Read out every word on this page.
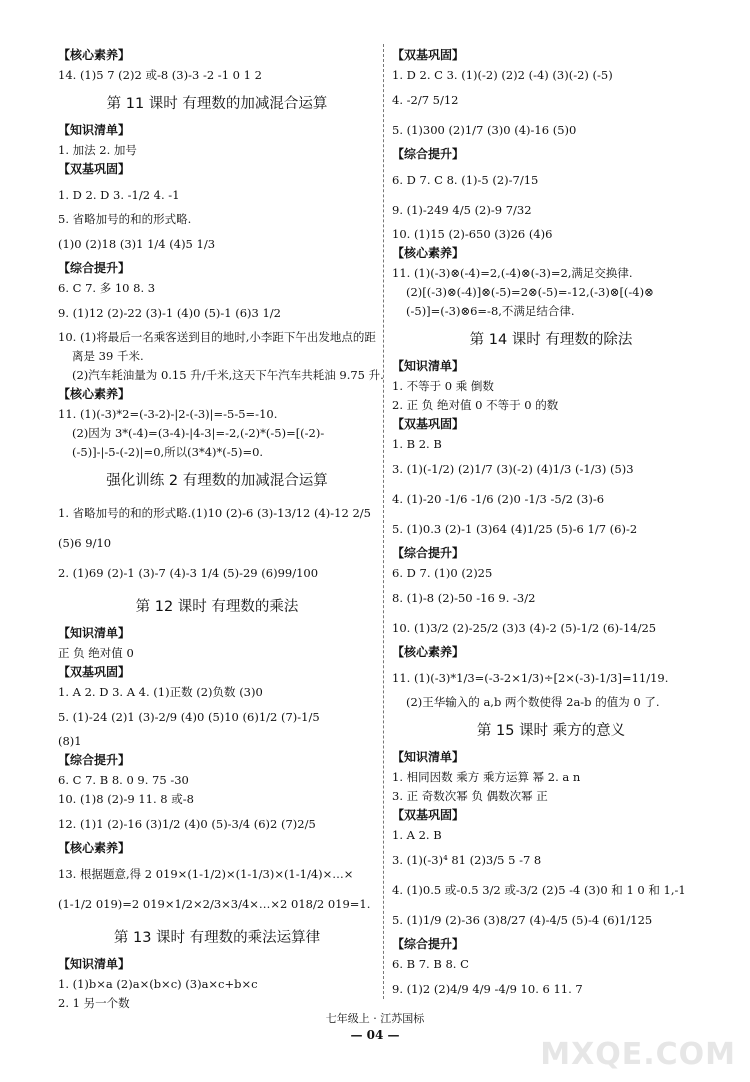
【核心素养】
14. (1)5 7 (2)2 或-8 (3)-3 -2 -1 0 1 2
第 11 课时 有理数的加减混合运算
【知识清单】
1. 加法 2. 加号
【双基巩固】
1. D 2. D 3. -1/2 4. -1
5. 省略加号的和的形式略.
(1)0 (2)18 (3)1 1/4 (4)5 1/3
【综合提升】
6. C 7. 多 10 8. 3
9. (1)12 (2)-22 (3)-1 (4)0 (5)-1 (6)3 1/2
10. (1)将最后一名乘客送到目的地时,小李距下午出发地点的距
离是 39 千米.
(2)汽车耗油量为 0.15 升/千米,这天下午汽车共耗油 9.75 升.
【核心素养】
11. (1)(-3)*2=(-3-2)-|2-(-3)|=-5-5=-10.
(2)因为 3*(-4)=(3-4)-|4-3|=-2,(-2)*(-5)=[(-2)-
(-5)]-|-5-(-2)|=0,所以(3*4)*(-5)=0.
强化训练 2 有理数的加减混合运算
1. 省略加号的和的形式略.(1)10 (2)-6 (3)-13/12 (4)-12 2/5
(5)6 9/10
2. (1)69 (2)-1 (3)-7 (4)-3 1/4 (5)-29 (6)99/100
第 12 课时 有理数的乘法
【知识清单】
正 负 绝对值 0
【双基巩固】
1. A 2. D 3. A 4. (1)正数 (2)负数 (3)0
5. (1)-24 (2)1 (3)-2/9 (4)0 (5)10 (6)1/2 (7)-1/5
(8)1
【综合提升】
6. C 7. B 8. 0 9. 75 -30
10. (1)8 (2)-9 11. 8 或-8
12. (1)1 (2)-16 (3)1/2 (4)0 (5)-3/4 (6)2 (7)2/5
【核心素养】
13. 根据题意,得 2 019×(1-1/2)×(1-1/3)×(1-1/4)×…×
(1-1/2 019)=2 019×1/2×2/3×3/4×…×2 018/2 019=1.
第 13 课时 有理数的乘法运算律
【知识清单】
1. (1)b×a (2)a×(b×c) (3)a×c+b×c
2. 1 另一个数
【双基巩固】
1. D 2. C 3. (1)(-2) (2)2 (-4) (3)(-2) (-5)
4. -2/7 5/12
5. (1)300 (2)1/7 (3)0 (4)-16 (5)0
【综合提升】
6. D 7. C 8. (1)-5 (2)-7/15
9. (1)-249 4/5 (2)-9 7/32
10. (1)15 (2)-650 (3)26 (4)6
【核心素养】
11. (1)(-3)⊗(-4)=2,(-4)⊗(-3)=2,满足交换律.
(2)[(-3)⊗(-4)]⊗(-5)=2⊗(-5)=-12,(-3)⊗[(-4)⊗
(-5)]=(-3)⊗6=-8,不满足结合律.
第 14 课时 有理数的除法
【知识清单】
1. 不等于 0 乘 倒数
2. 正 负 绝对值 0 不等于 0 的数
【双基巩固】
1. B 2. B
3. (1)(-1/2) (2)1/7 (3)(-2) (4)1/3 (-1/3) (5)3
4. (1)-20 -1/6 -1/6 (2)0 -1/3 -5/2 (3)-6
5. (1)0.3 (2)-1 (3)64 (4)1/25 (5)-6 1/7 (6)-2
【综合提升】
6. D 7. (1)0 (2)25
8. (1)-8 (2)-50 -16 9. -3/2
10. (1)3/2 (2)-25/2 (3)3 (4)-2 (5)-1/2 (6)-14/25
【核心素养】
11. (1)(-3)*1/3=(-3-2×1/3)÷[2×(-3)-1/3]=11/19.
(2)王华输入的 a,b 两个数使得 2a-b 的值为 0 了.
第 15 课时 乘方的意义
【知识清单】
1. 相同因数 乘方 乘方运算 幂 2. a n
3. 正 奇数次幂 负 偶数次幂 正
【双基巩固】
1. A 2. B
3. (1)(-3)⁴ 81 (2)3/5 5 -7 8
4. (1)0.5 或-0.5 3/2 或-3/2 (2)5 -4 (3)0 和 1 0 和 1,-1
5. (1)1/9 (2)-36 (3)8/27 (4)-4/5 (5)-4 (6)1/125
【综合提升】
6. B 7. B 8. C
9. (1)2 (2)4/9 4/9 -4/9 10. 6 11. 7
七年级上 · 江苏国标
— 04 —
MXQE.COM
